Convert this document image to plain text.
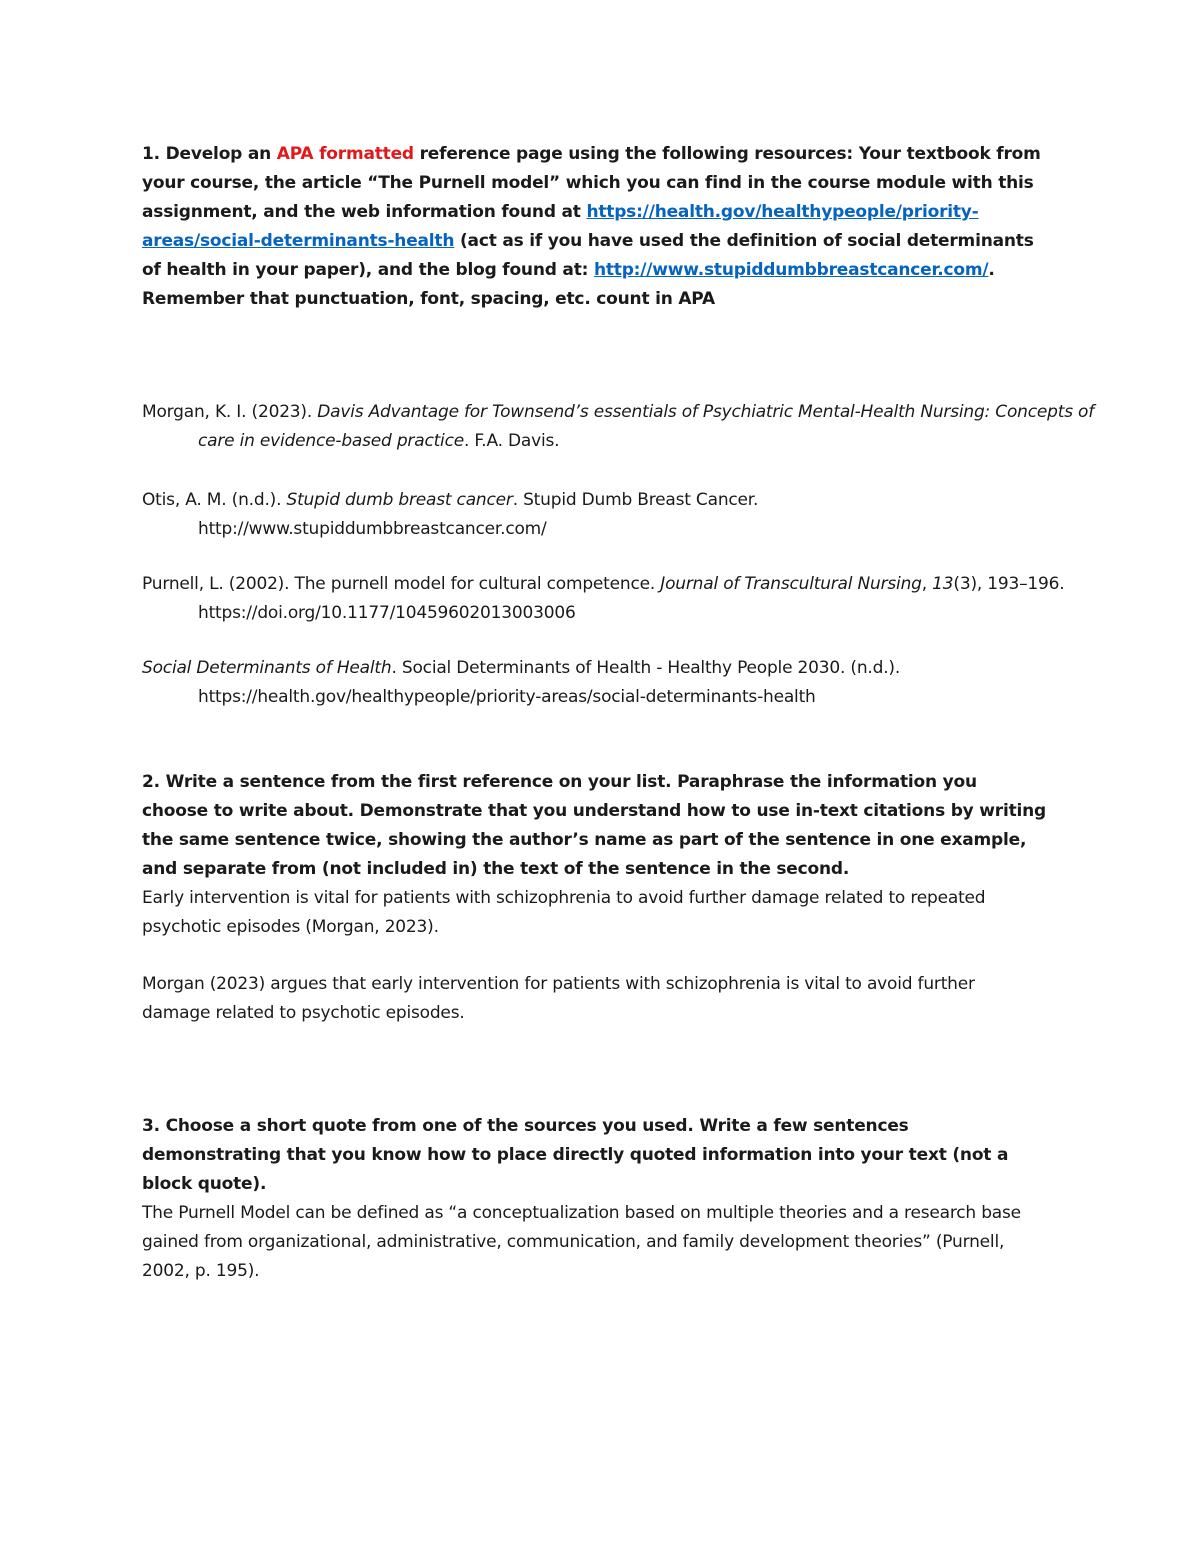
1. Develop an APA formatted reference page using the following resources: Your textbook from your course, the article “The Purnell model” which you can find in the course module with this assignment, and the web information found at https://health.gov/healthypeople/priority-areas/social-determinants-health (act as if you have used the definition of social determinants of health in your paper), and the blog found at: http://www.stupiddumbbreastcancer.com/. Remember that punctuation, font, spacing, etc. count in APA

Morgan, K. I. (2023). Davis Advantage for Townsend’s essentials of Psychiatric Mental-Health Nursing: Concepts of care in evidence-based practice. F.A. Davis.

Otis, A. M. (n.d.). Stupid dumb breast cancer. Stupid Dumb Breast Cancer. http://www.stupiddumbbreastcancer.com/

Purnell, L. (2002). The purnell model for cultural competence. Journal of Transcultural Nursing, 13(3), 193–196. https://doi.org/10.1177/10459602013003006

Social Determinants of Health. Social Determinants of Health - Healthy People 2030. (n.d.). https://health.gov/healthypeople/priority-areas/social-determinants-health

2. Write a sentence from the first reference on your list. Paraphrase the information you choose to write about. Demonstrate that you understand how to use in-text citations by writing the same sentence twice, showing the author’s name as part of the sentence in one example, and separate from (not included in) the text of the sentence in the second.

Early intervention is vital for patients with schizophrenia to avoid further damage related to repeated psychotic episodes (Morgan, 2023).

Morgan (2023) argues that early intervention for patients with schizophrenia is vital to avoid further damage related to psychotic episodes.

3. Choose a short quote from one of the sources you used. Write a few sentences demonstrating that you know how to place directly quoted information into your text (not a block quote).

The Purnell Model can be defined as “a conceptualization based on multiple theories and a research base gained from organizational, administrative, communication, and family development theories” (Purnell, 2002, p. 195).
